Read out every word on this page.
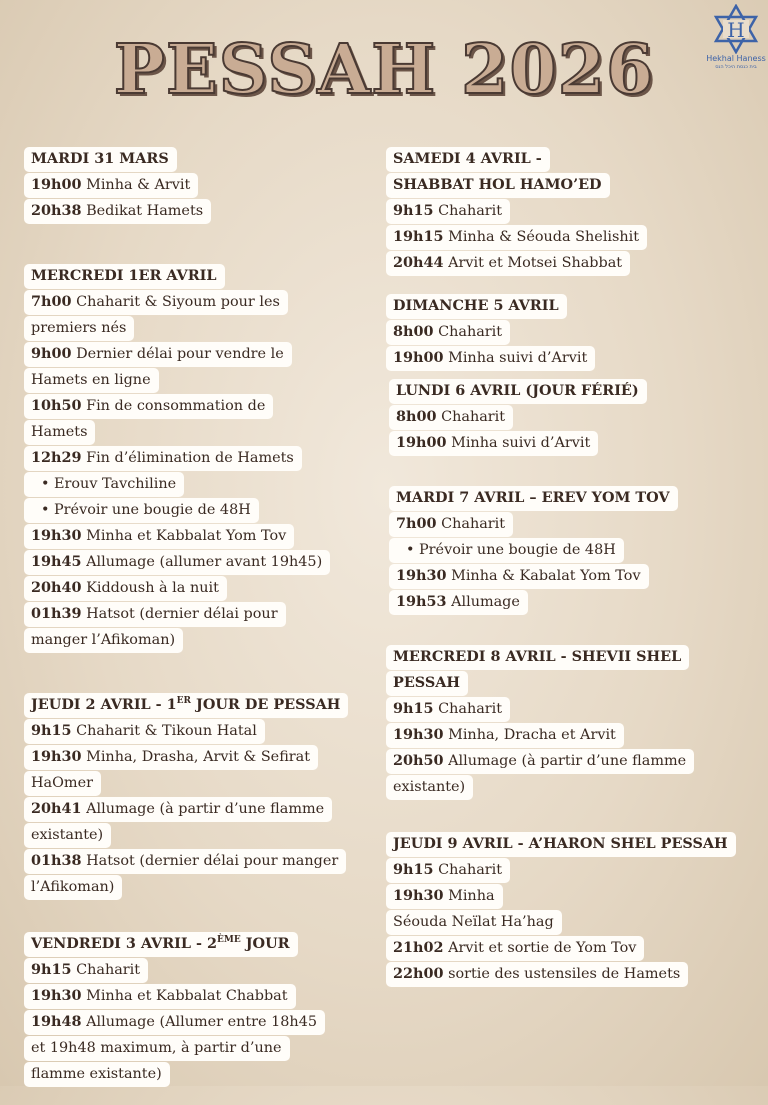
PESSAH 2026	H
Hekhal Haness
בית כנסת היכל הנס
MARDI 31 MARS
19h00 Minha & Arvit
20h38 Bedikat Hamets
MERCREDI 1ER AVRIL
7h00 Chaharit & Siyoum pour les
premiers nés
9h00 Dernier délai pour vendre le
Hamets en ligne
10h50 Fin de consommation de
Hamets
12h29 Fin d’élimination de Hamets
• Erouv Tavchiline
• Prévoir une bougie de 48H
19h30 Minha et Kabbalat Yom Tov
19h45 Allumage (allumer avant 19h45)
20h40 Kiddoush à la nuit
01h39 Hatsot (dernier délai pour
manger l’Afikoman)
JEUDI 2 AVRIL - 1ER JOUR DE PESSAH
9h15 Chaharit & Tikoun Hatal
19h30 Minha, Drasha, Arvit & Sefirat
HaOmer
20h41 Allumage (à partir d’une flamme
existante)
01h38 Hatsot (dernier délai pour manger
l’Afikoman)
VENDREDI 3 AVRIL - 2ÈME JOUR
9h15 Chaharit
19h30 Minha et Kabbalat Chabbat
19h48 Allumage (Allumer entre 18h45
et 19h48 maximum, à partir d’une
flamme existante)
SAMEDI 4 AVRIL -
SHABBAT HOL HAMO’ED
9h15 Chaharit
19h15 Minha & Séouda Shelishit
20h44 Arvit et Motsei Shabbat
DIMANCHE 5 AVRIL
8h00 Chaharit
19h00 Minha suivi d’Arvit
LUNDI 6 AVRIL (JOUR FÉRIÉ)
8h00 Chaharit
19h00 Minha suivi d’Arvit
MARDI 7 AVRIL – EREV YOM TOV
7h00 Chaharit
• Prévoir une bougie de 48H
19h30 Minha & Kabalat Yom Tov
19h53 Allumage
MERCREDI 8 AVRIL - SHEVII SHEL
PESSAH
9h15 Chaharit
19h30 Minha, Dracha et Arvit
20h50 Allumage (à partir d’une flamme
existante)
JEUDI 9 AVRIL - A’HARON SHEL PESSAH
9h15 Chaharit
19h30 Minha
Séouda Neïlat Ha’hag
21h02 Arvit et sortie de Yom Tov
22h00 sortie des ustensiles de Hamets
